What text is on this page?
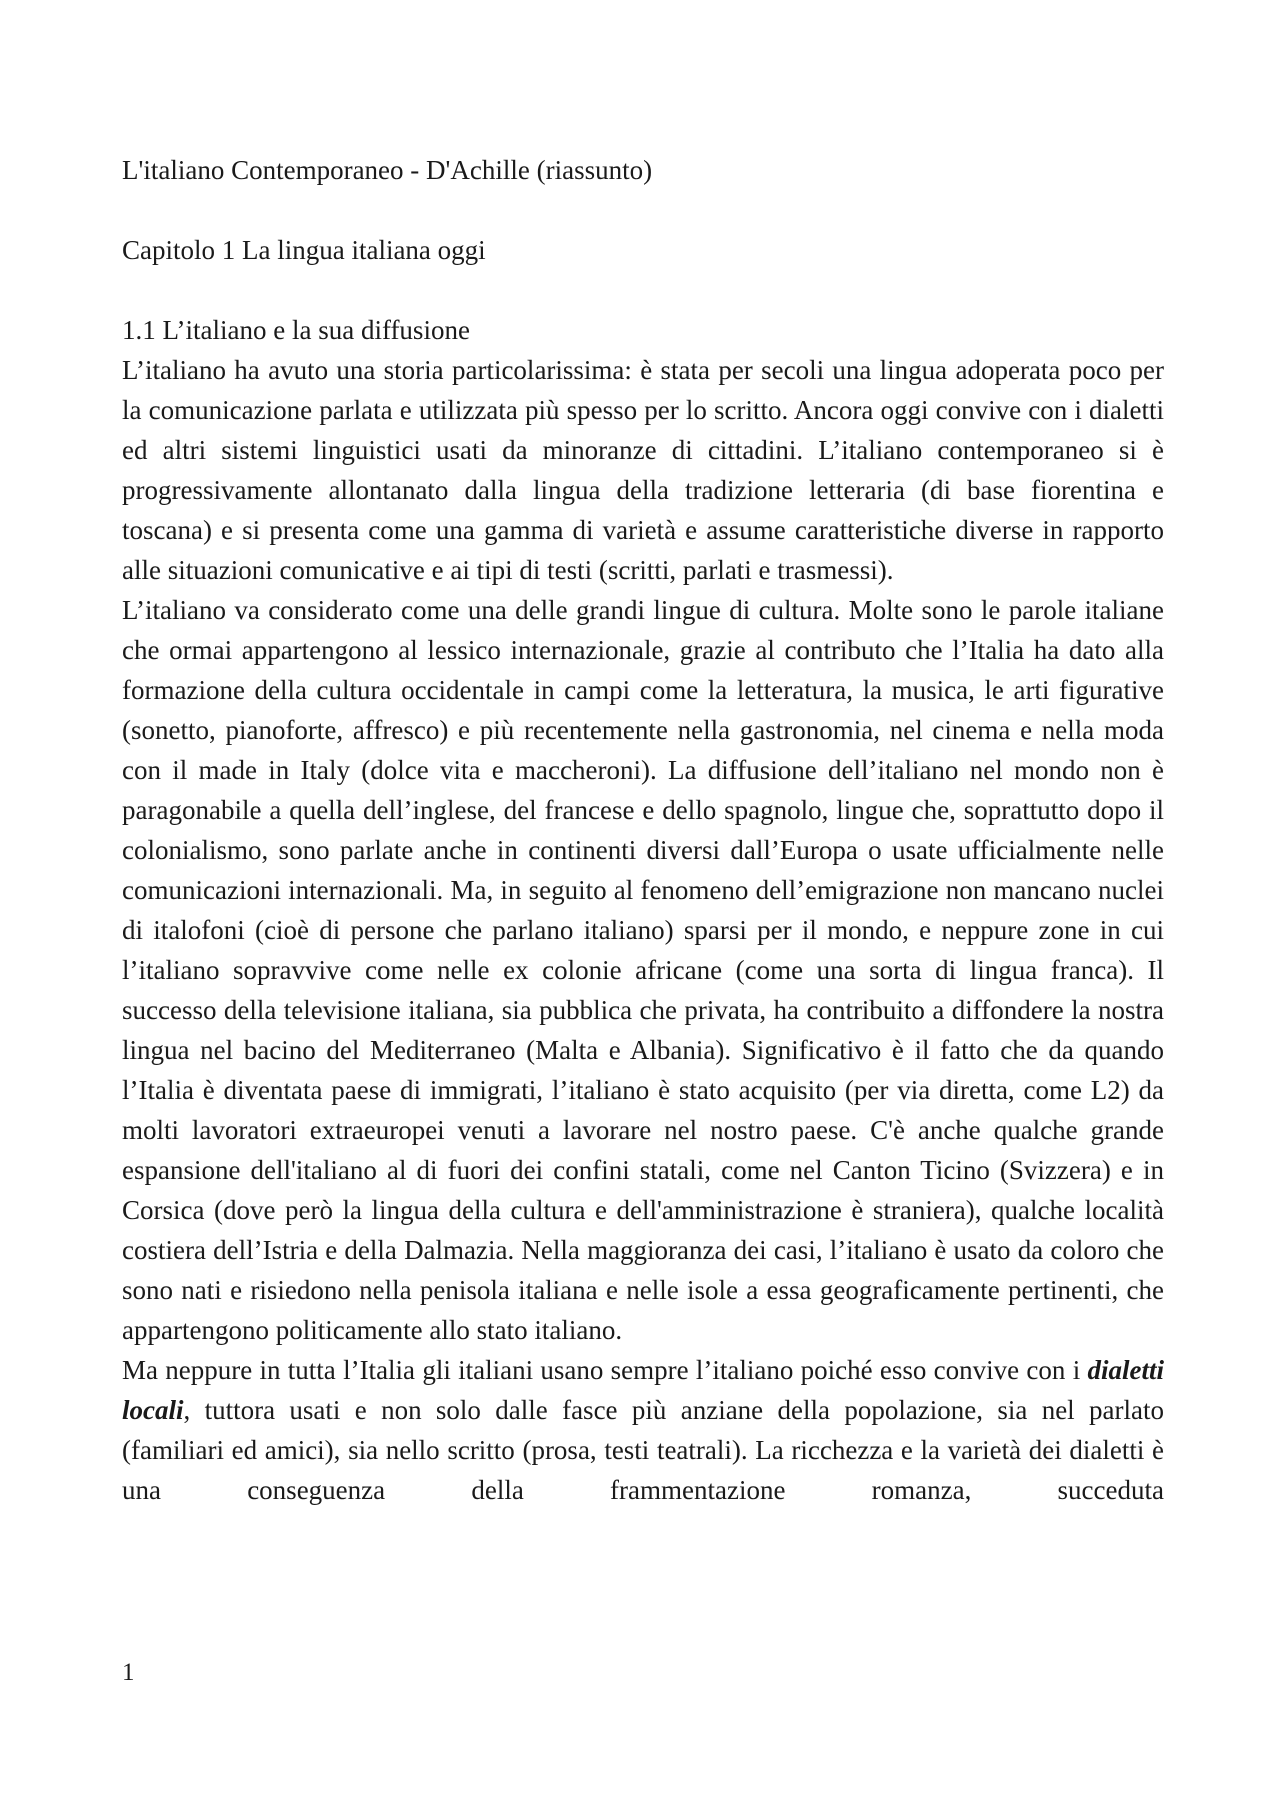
L'italiano Contemporaneo - D'Achille (riassunto)

Capitolo 1 La lingua italiana oggi

1.1 L’italiano e la sua diffusione

L’italiano ha avuto una storia particolarissima: è stata per secoli una lingua adoperata poco per la comunicazione parlata e utilizzata più spesso per lo scritto. Ancora oggi convive con i dialetti ed altri sistemi linguistici usati da minoranze di cittadini. L’italiano contemporaneo si è progressivamente allontanato dalla lingua della tradizione letteraria (di base fiorentina e toscana) e si presenta come una gamma di varietà e assume caratteristiche diverse in rapporto alle situazioni comunicative e ai tipi di testi (scritti, parlati e trasmessi).

L’italiano va considerato come una delle grandi lingue di cultura. Molte sono le parole italiane che ormai appartengono al lessico internazionale, grazie al contributo che l’Italia ha dato alla formazione della cultura occidentale in campi come la letteratura, la musica, le arti figurative (sonetto, pianoforte, affresco) e più recentemente nella gastronomia, nel cinema e nella moda con il made in Italy (dolce vita e maccheroni). La diffusione dell’italiano nel mondo non è paragonabile a quella dell’inglese, del francese e dello spagnolo, lingue che, soprattutto dopo il colonialismo, sono parlate anche in continenti diversi dall’Europa o usate ufficialmente nelle comunicazioni internazionali. Ma, in seguito al fenomeno dell’emigrazione non mancano nuclei di italofoni (cioè di persone che parlano italiano) sparsi per il mondo, e neppure zone in cui l’italiano sopravvive come nelle ex colonie africane (come una sorta di lingua franca). Il successo della televisione italiana, sia pubblica che privata, ha contribuito a diffondere la nostra lingua nel bacino del Mediterraneo (Malta e Albania). Significativo è il fatto che da quando l’Italia è diventata paese di immigrati, l’italiano è stato acquisito (per via diretta, come L2) da molti lavoratori extraeuropei venuti a lavorare nel nostro paese. C'è anche qualche grande espansione dell'italiano al di fuori dei confini statali, come nel Canton Ticino (Svizzera) e in Corsica (dove però la lingua della cultura e dell'amministrazione è straniera), qualche località costiera dell’Istria e della Dalmazia. Nella maggioranza dei casi, l’italiano è usato da coloro che sono nati e risiedono nella penisola italiana e nelle isole a essa geograficamente pertinenti, che appartengono politicamente allo stato italiano.

Ma neppure in tutta l’Italia gli italiani usano sempre l’italiano poiché esso convive con i dialetti locali, tuttora usati e non solo dalle fasce più anziane della popolazione, sia nel parlato (familiari ed amici), sia nello scritto (prosa, testi teatrali). La ricchezza e la varietà dei dialetti è una conseguenza della frammentazione romanza, succeduta

1
